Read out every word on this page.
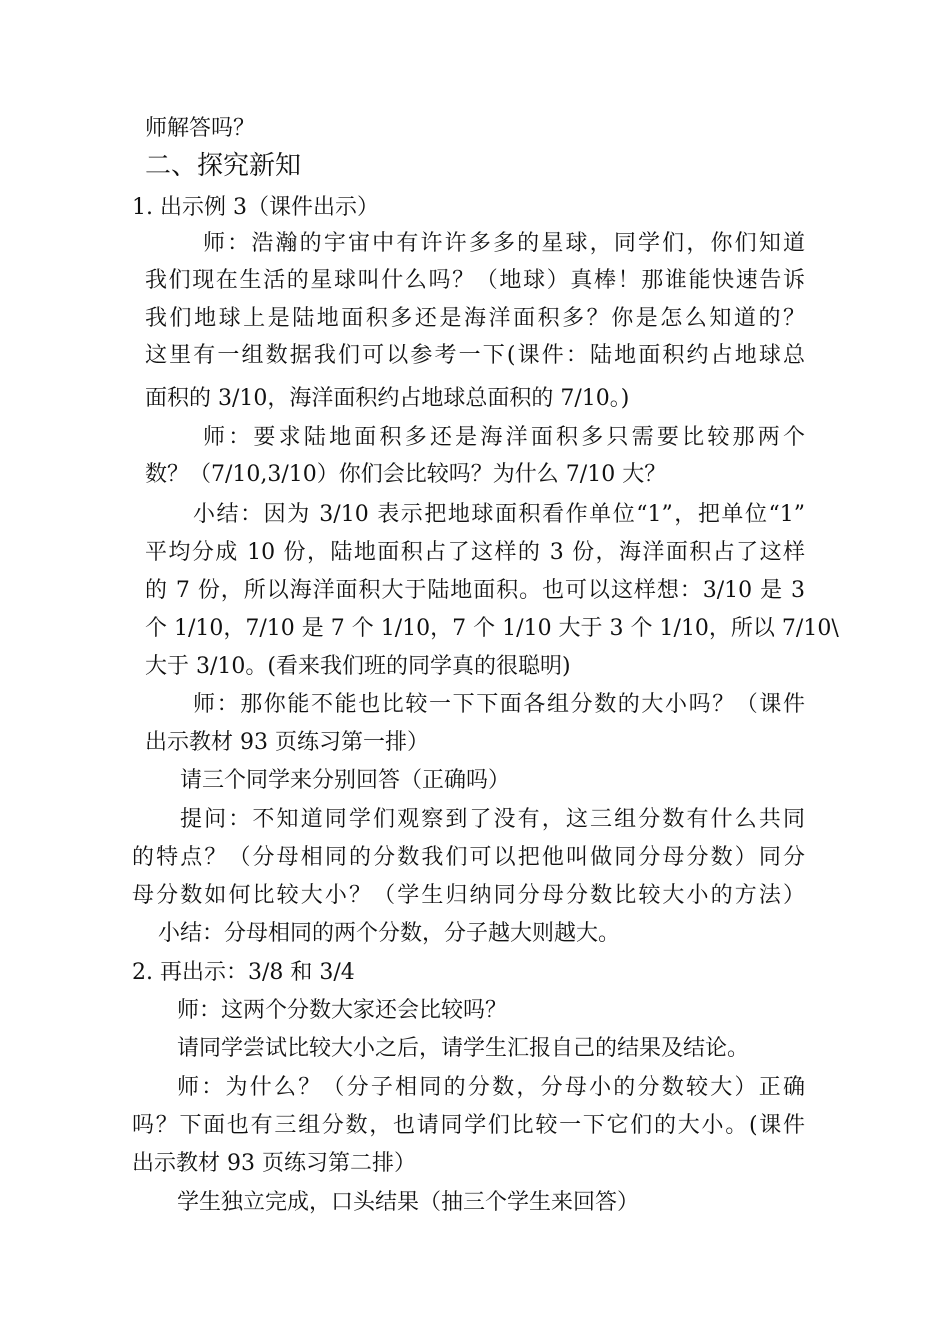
师解答吗？
二、探究新知
1. 出示例 3（课件出示）
师：浩瀚的宇宙中有许许多多的星球，同学们，你们知道
我们现在生活的星球叫什么吗？（地球）真棒！那谁能快速告诉
我们地球上是陆地面积多还是海洋面积多？你是怎么知道的？
这里有一组数据我们可以参考一下(课件：陆地面积约占地球总
面积的 3/10，海洋面积约占地球总面积的 7/10。)
师：要求陆地面积多还是海洋面积多只需要比较那两个
数？（7/10,3/10）你们会比较吗？为什么 7/10 大？
小结：因为 3/10 表示把地球面积看作单位“1”，把单位“1”
平均分成 10 份，陆地面积占了这样的 3 份，海洋面积占了这样
的 7 份，所以海洋面积大于陆地面积。也可以这样想：3/10 是 3
个 1/10，7/10 是 7 个 1/10，7 个 1/10 大于 3 个 1/10，所以 7/10\
大于 3/10。(看来我们班的同学真的很聪明)
师：那你能不能也比较一下下面各组分数的大小吗？（课件
出示教材 93 页练习第一排）
请三个同学来分别回答（正确吗）
提问：不知道同学们观察到了没有，这三组分数有什么共同
的特点？（分母相同的分数我们可以把他叫做同分母分数）同分
母分数如何比较大小？（学生归纳同分母分数比较大小的方法）
小结：分母相同的两个分数，分子越大则越大。
2. 再出示：3/8 和 3/4
师：这两个分数大家还会比较吗？
请同学尝试比较大小之后，请学生汇报自己的结果及结论。
师：为什么？（分子相同的分数，分母小的分数较大）正确
吗？下面也有三组分数，也请同学们比较一下它们的大小。(课件
出示教材 93 页练习第二排）
学生独立完成，口头结果（抽三个学生来回答）
